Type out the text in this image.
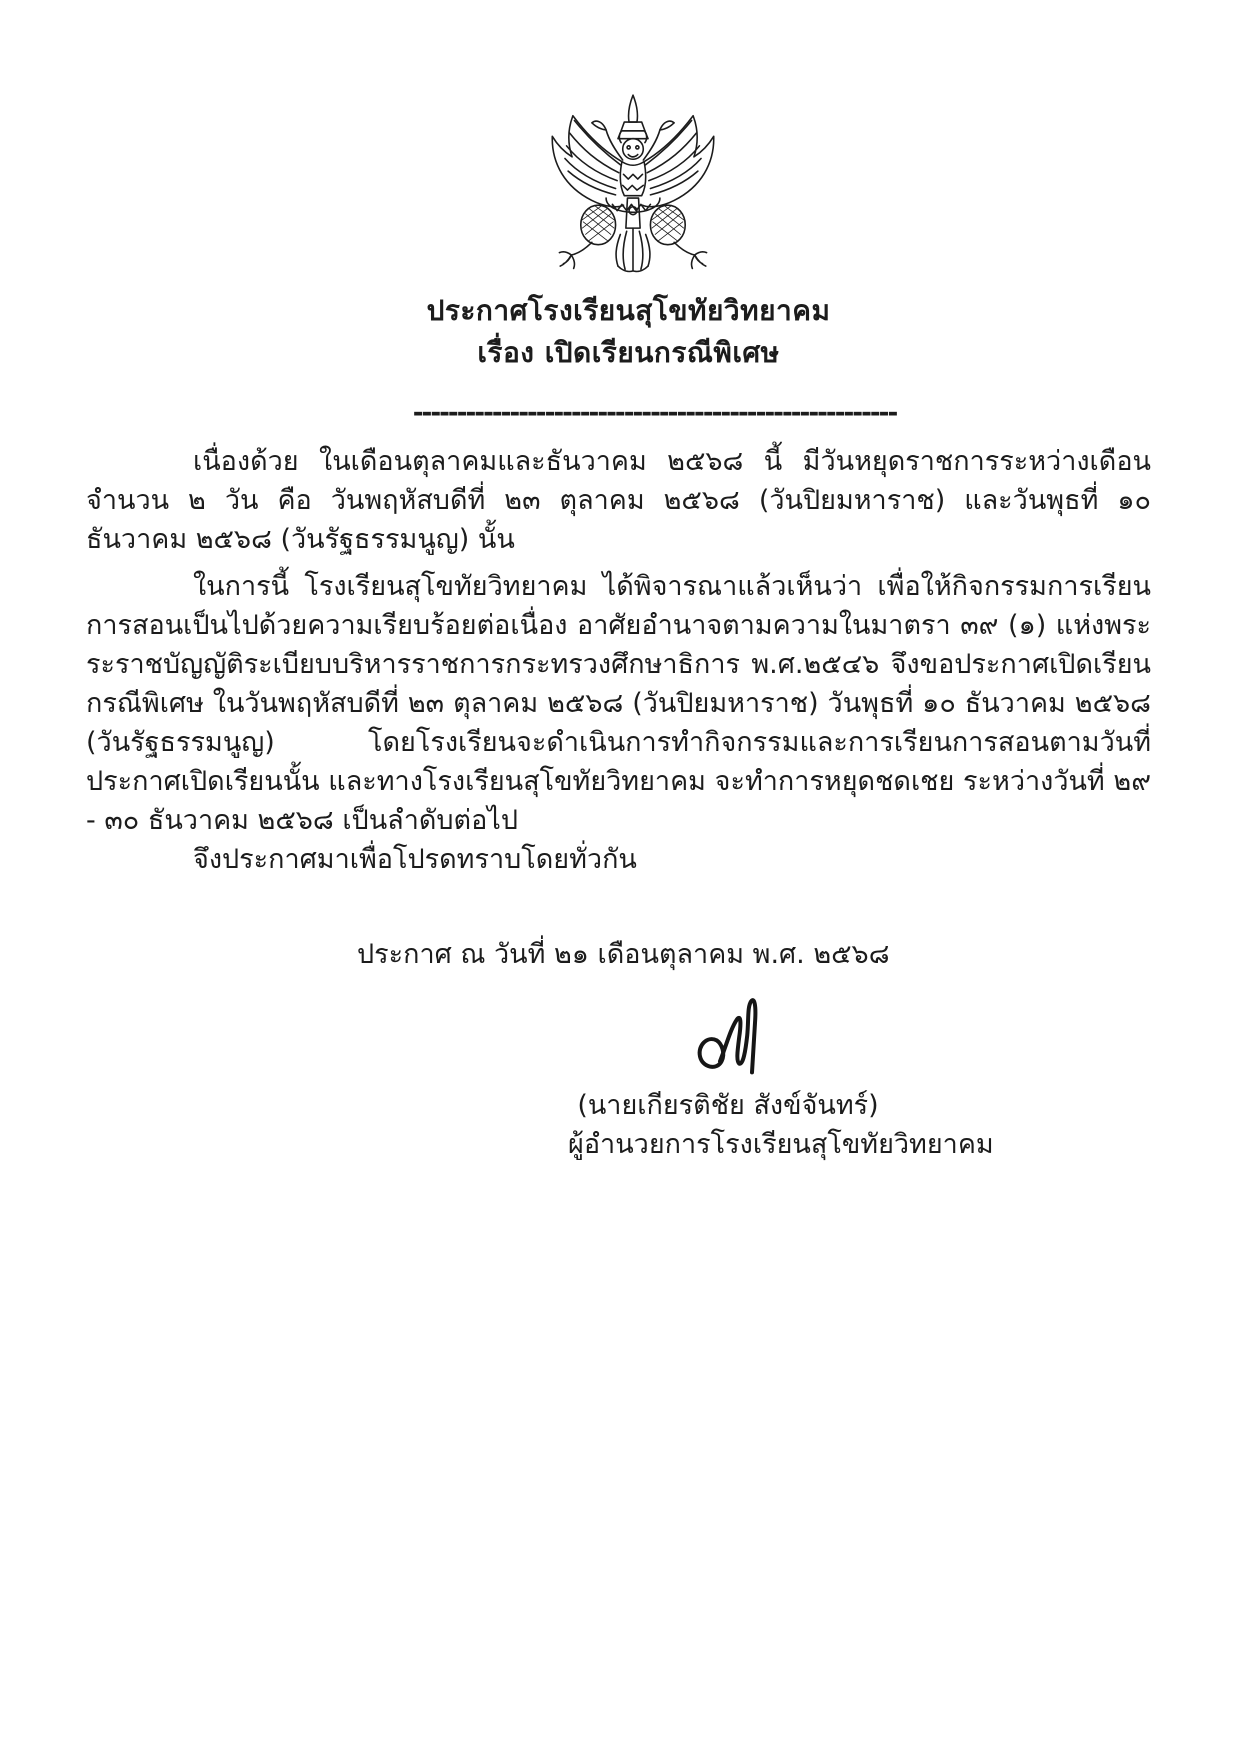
ประกาศโรงเรียนสุโขทัยวิทยาคม
เรื่อง เปิดเรียนกรณีพิเศษ
-------------------------------------------------------

เนื่องด้วย ในเดือนตุลาคมและธันวาคม ๒๕๖๘ นี้ มีวันหยุดราชการระหว่างเดือนจำนวน ๒ วัน คือ วันพฤหัสบดีที่ ๒๓ ตุลาคม ๒๕๖๘ (วันปิยมหาราช) และวันพุธที่ ๑๐ ธันวาคม ๒๕๖๘ (วันรัฐธรรมนูญ) นั้น

ในการนี้ โรงเรียนสุโขทัยวิทยาคม ได้พิจารณาแล้วเห็นว่า เพื่อให้กิจกรรมการเรียนการสอนเป็นไปด้วยความเรียบร้อยต่อเนื่อง อาศัยอำนาจตามความในมาตรา ๓๙ (๑) แห่งพระระราชบัญญัติระเบียบบริหารราชการกระทรวงศึกษาธิการ พ.ศ.๒๕๔๖ จึงขอประกาศเปิดเรียนกรณีพิเศษ ในวันพฤหัสบดีที่ ๒๓ ตุลาคม ๒๕๖๘ (วันปิยมหาราช) วันพุธที่ ๑๐ ธันวาคม ๒๕๖๘ (วันรัฐธรรมนูญ) โดยโรงเรียนจะดำเนินการทำกิจกรรมและการเรียนการสอนตามวันที่ประกาศเปิดเรียนนั้น และทางโรงเรียนสุโขทัยวิทยาคม จะทำการหยุดชดเชย ระหว่างวันที่ ๒๙ - ๓๐ ธันวาคม ๒๕๖๘ เป็นลำดับต่อไป

จึงประกาศมาเพื่อโปรดทราบโดยทั่วกัน

ประกาศ ณ วันที่ ๒๑ เดือนตุลาคม พ.ศ. ๒๕๖๘
(นายเกียรติชัย สังข์จันทร์)
ผู้อำนวยการโรงเรียนสุโขทัยวิทยาคม
